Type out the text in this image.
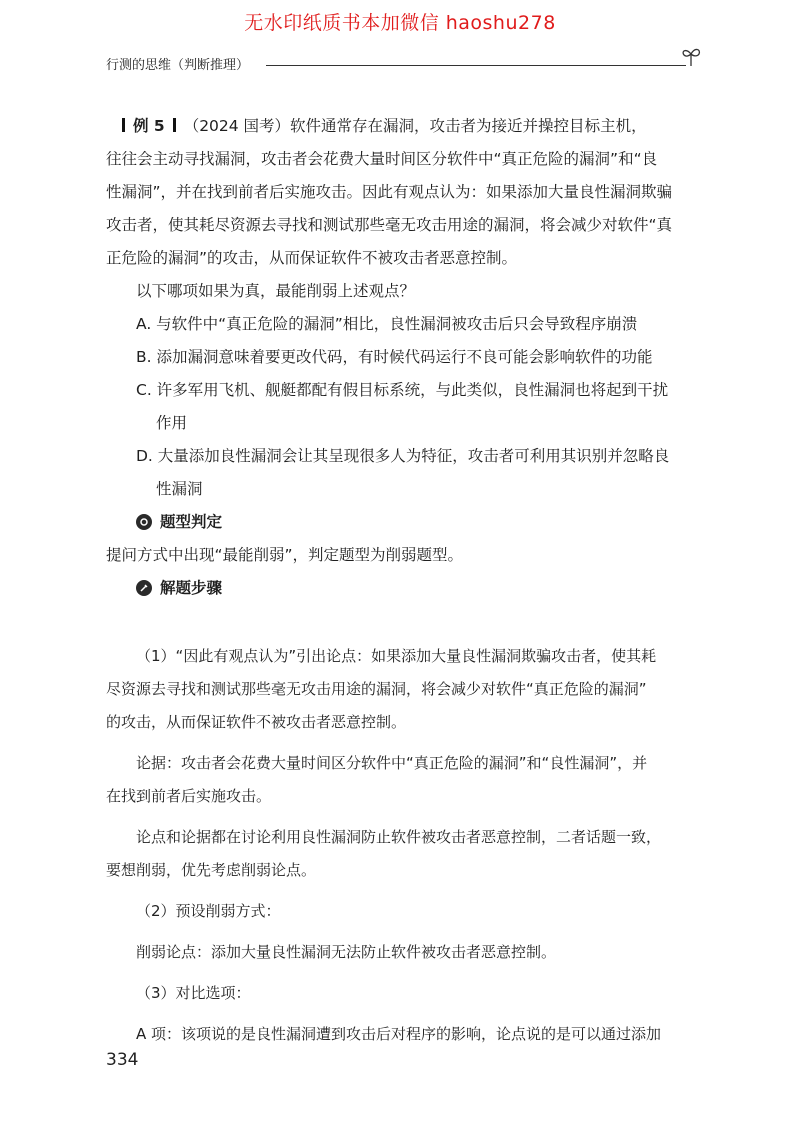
无水印纸质书本加微信 haoshu278
行测的思维（判断推理）
例 5 （2024 国考）软件通常存在漏洞，攻击者为接近并操控目标主机，
往往会主动寻找漏洞，攻击者会花费大量时间区分软件中“真正危险的漏洞”和“良
性漏洞”，并在找到前者后实施攻击。因此有观点认为：如果添加大量良性漏洞欺骗
攻击者，使其耗尽资源去寻找和测试那些毫无攻击用途的漏洞，将会减少对软件“真
正危险的漏洞”的攻击，从而保证软件不被攻击者恶意控制。
以下哪项如果为真，最能削弱上述观点？
A. 与软件中“真正危险的漏洞”相比，良性漏洞被攻击后只会导致程序崩溃
B. 添加漏洞意味着要更改代码，有时候代码运行不良可能会影响软件的功能
C. 许多军用飞机、舰艇都配有假目标系统，与此类似，良性漏洞也将起到干扰
作用
D. 大量添加良性漏洞会让其呈现很多人为特征，攻击者可利用其识别并忽略良
性漏洞
题型判定
提问方式中出现“最能削弱”，判定题型为削弱题型。
解题步骤
（1）“因此有观点认为”引出论点：如果添加大量良性漏洞欺骗攻击者，使其耗
尽资源去寻找和测试那些毫无攻击用途的漏洞，将会减少对软件“真正危险的漏洞”
的攻击，从而保证软件不被攻击者恶意控制。
论据：攻击者会花费大量时间区分软件中“真正危险的漏洞”和“良性漏洞”，并
在找到前者后实施攻击。
论点和论据都在讨论利用良性漏洞防止软件被攻击者恶意控制，二者话题一致，
要想削弱，优先考虑削弱论点。
（2）预设削弱方式：
削弱论点：添加大量良性漏洞无法防止软件被攻击者恶意控制。
（3）对比选项：
A 项：该项说的是良性漏洞遭到攻击后对程序的影响，论点说的是可以通过添加
334
